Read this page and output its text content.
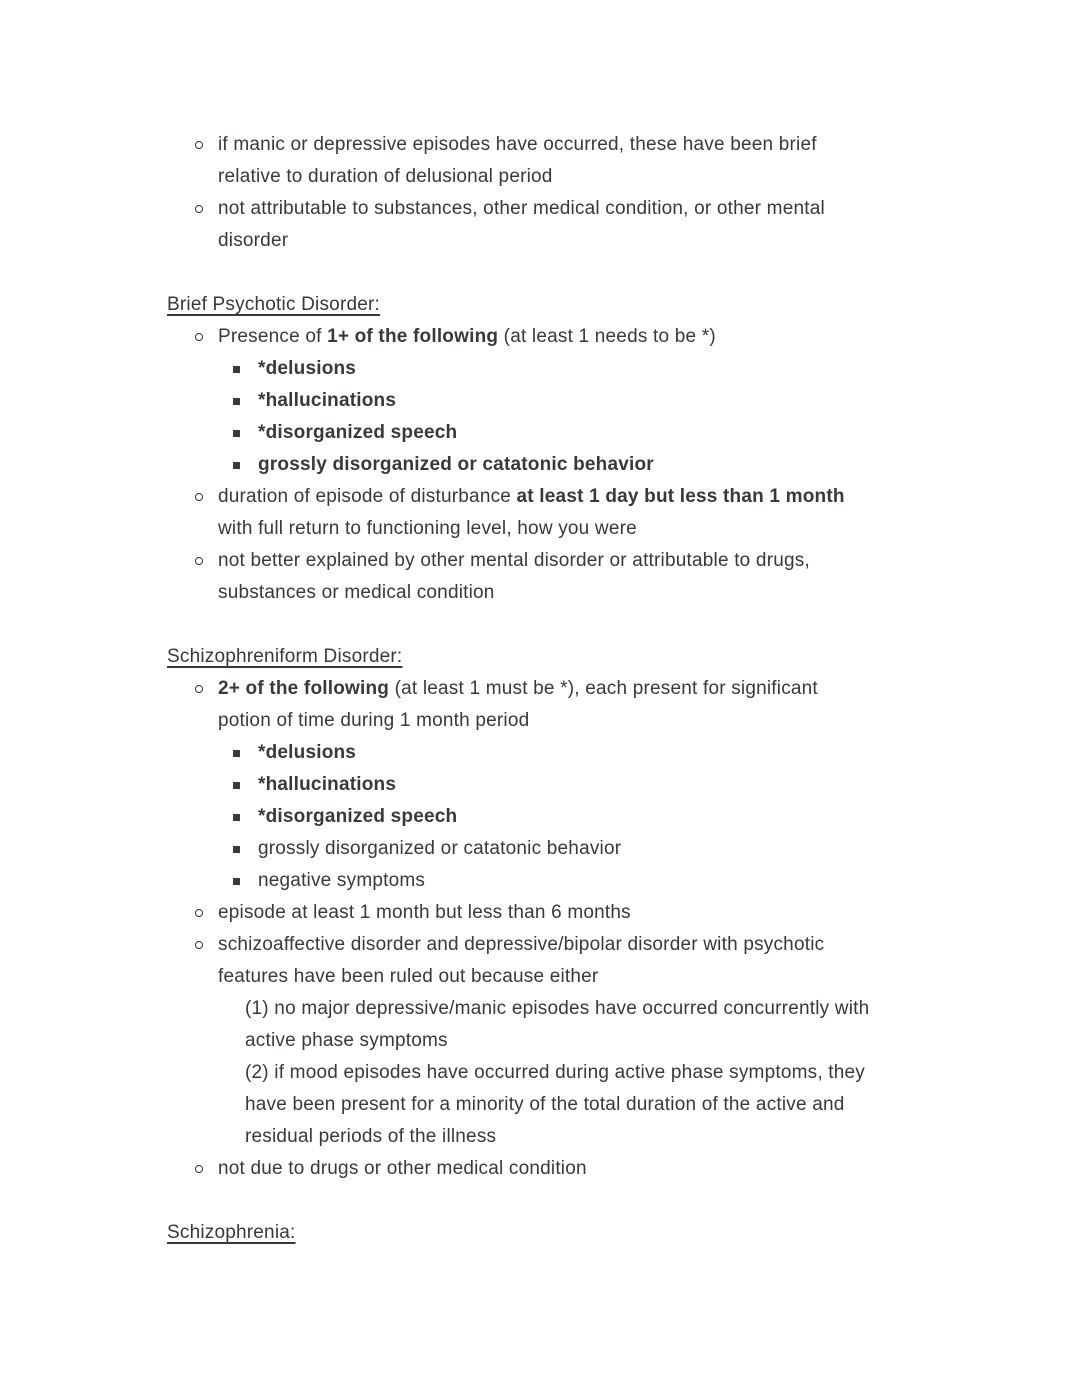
if manic or depressive episodes have occurred, these have been brief
relative to duration of delusional period
not attributable to substances, other medical condition, or other mental
disorder
Brief Psychotic Disorder:
Presence of 1+ of the following (at least 1 needs to be *)
*delusions
*hallucinations
*disorganized speech
grossly disorganized or catatonic behavior
duration of episode of disturbance at least 1 day but less than 1 month
with full return to functioning level, how you were
not better explained by other mental disorder or attributable to drugs,
substances or medical condition
Schizophreniform Disorder:
2+ of the following (at least 1 must be *), each present for significant
potion of time during 1 month period
*delusions
*hallucinations
*disorganized speech
grossly disorganized or catatonic behavior
negative symptoms
episode at least 1 month but less than 6 months
schizoaffective disorder and depressive/bipolar disorder with psychotic
features have been ruled out because either
(1) no major depressive/manic episodes have occurred concurrently with
active phase symptoms
(2) if mood episodes have occurred during active phase symptoms, they
have been present for a minority of the total duration of the active and
residual periods of the illness
not due to drugs or other medical condition
Schizophrenia:
